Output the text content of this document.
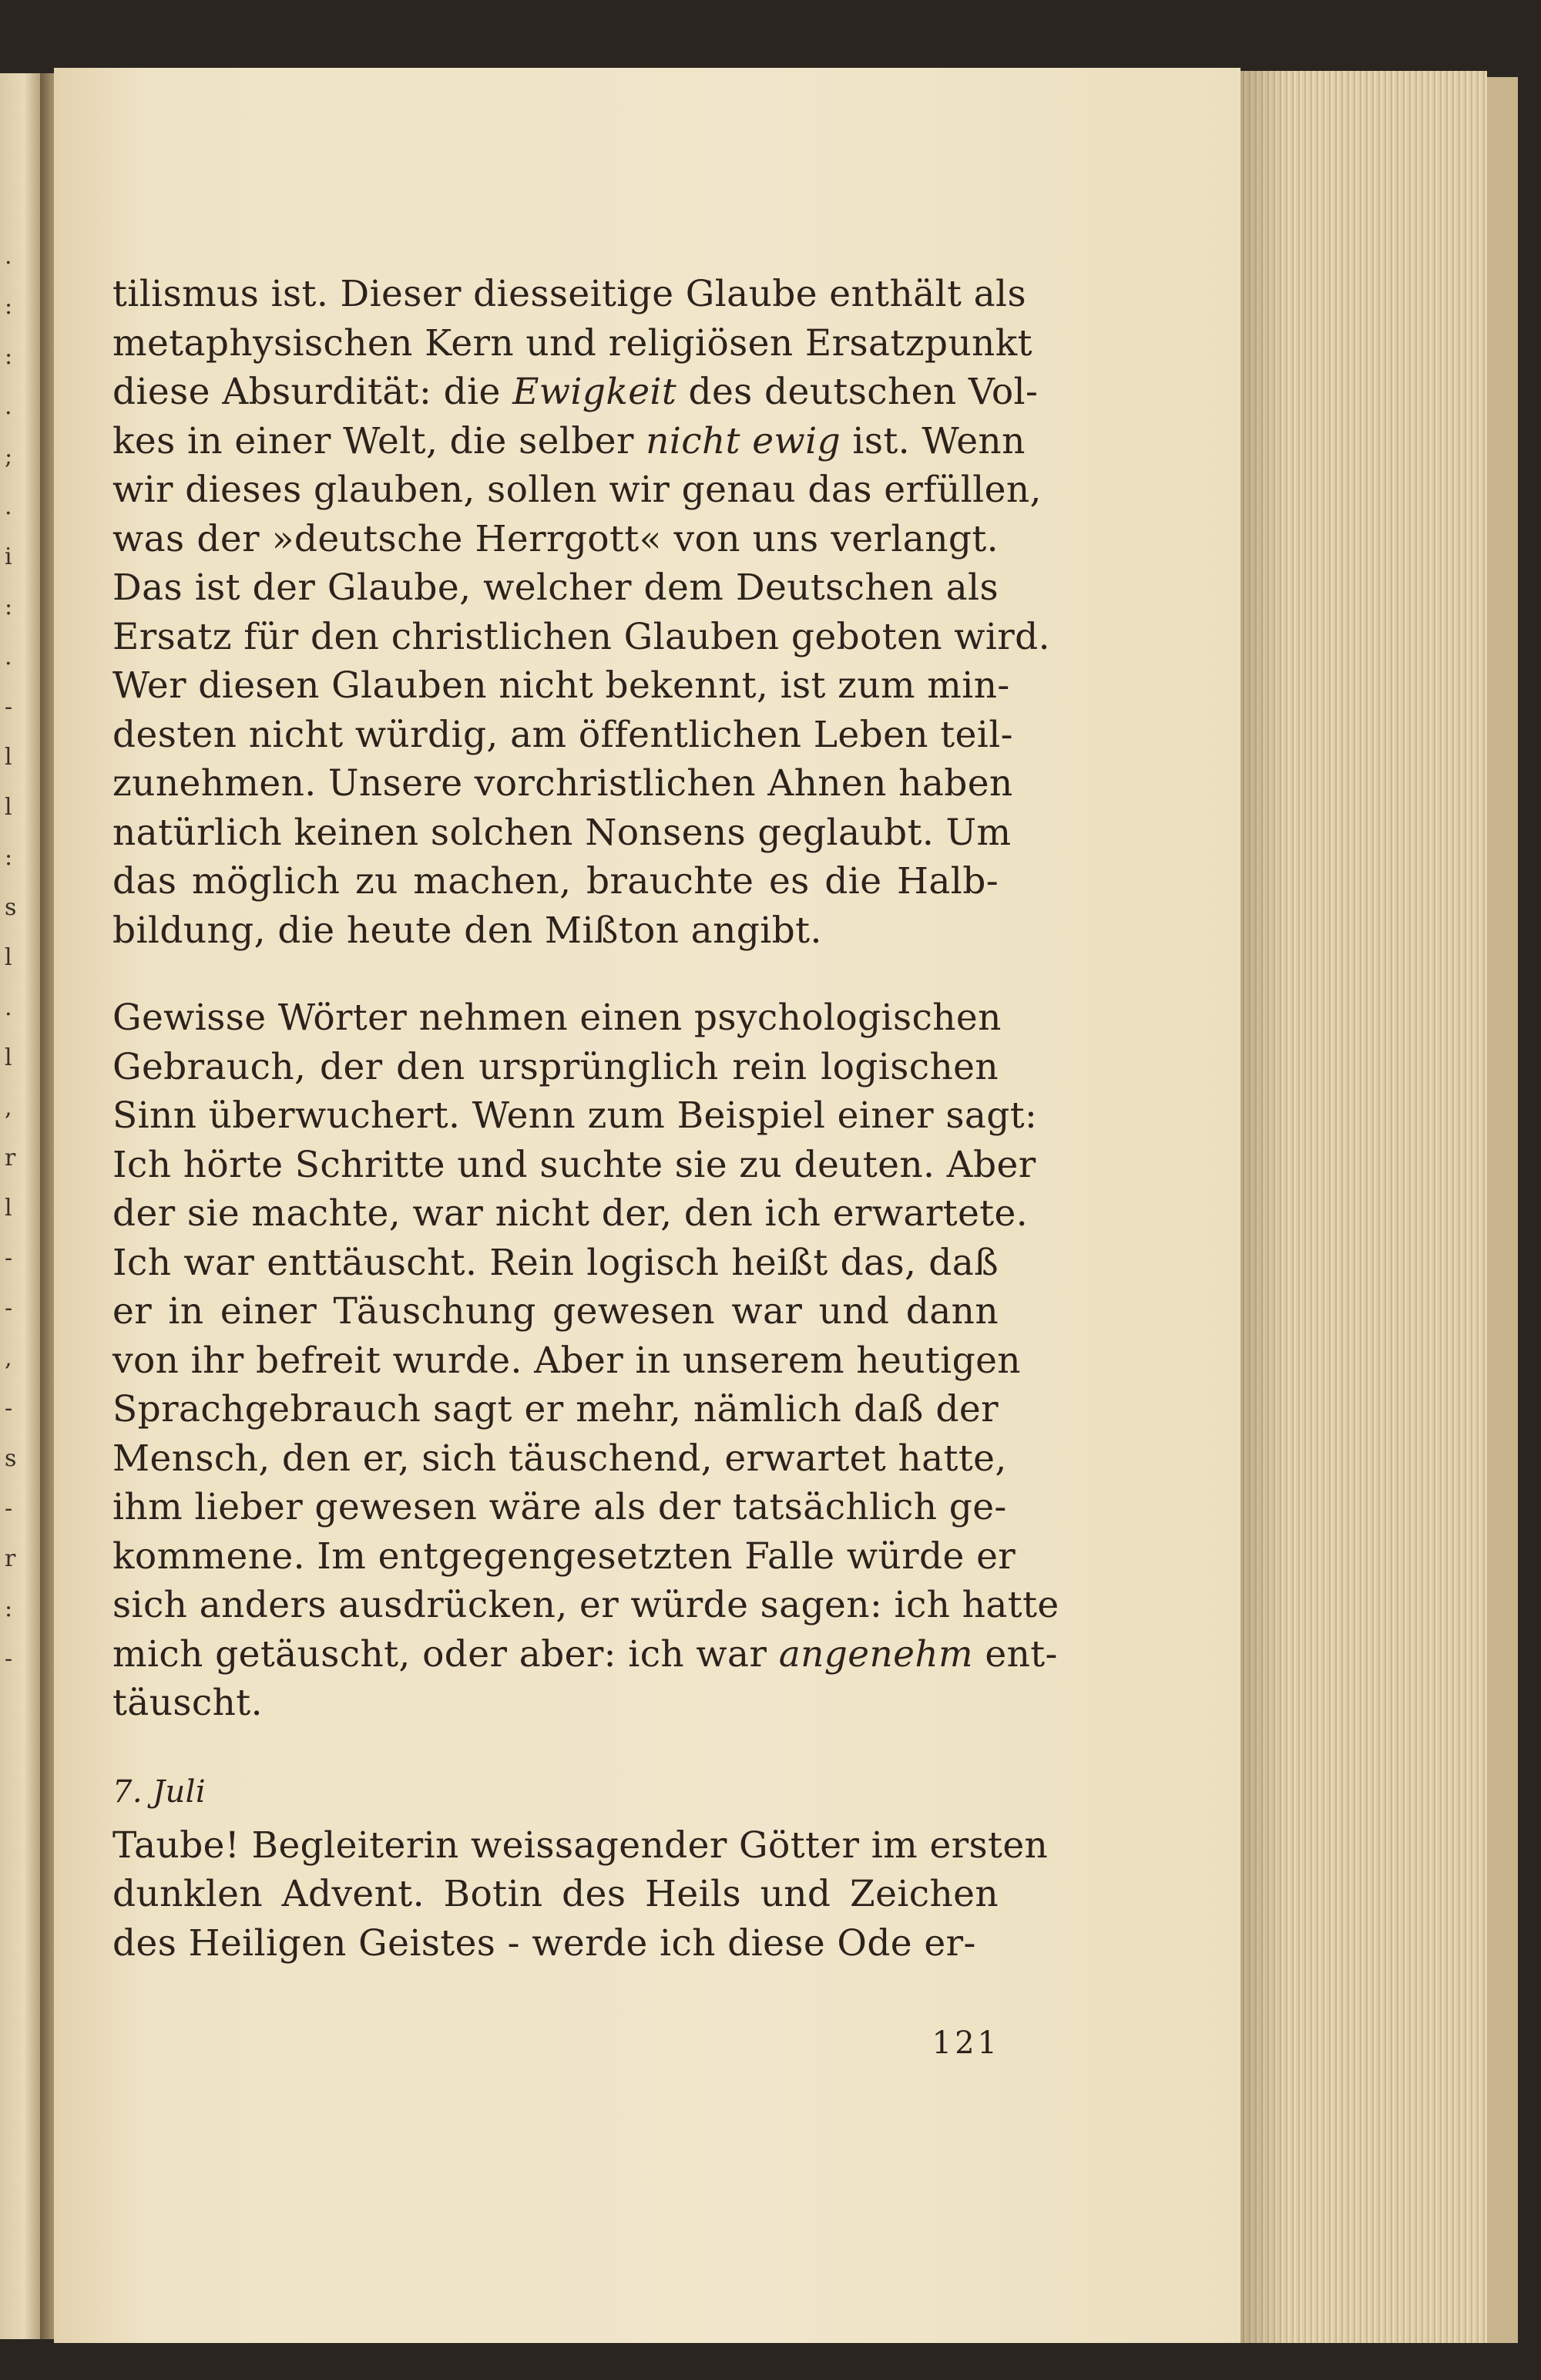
.
:
:
.
;
.
i
:
.
-
l
l
:
s
l
.
l
,
r
l
-
-
,
-
s
-
r
:
-
tilismus ist. Dieser diesseitige Glaube enthält als
metaphysischen Kern und religiösen Ersatzpunkt
diese Absurdität: die Ewigkeit des deutschen Vol-
kes in einer Welt, die selber nicht ewig ist. Wenn
wir dieses glauben, sollen wir genau das erfüllen,
was der »deutsche Herrgott« von uns verlangt.
Das ist der Glaube, welcher dem Deutschen als
Ersatz für den christlichen Glauben geboten wird.
Wer diesen Glauben nicht bekennt, ist zum min-
desten nicht würdig, am öffentlichen Leben teil-
zunehmen. Unsere vorchristlichen Ahnen haben
natürlich keinen solchen Nonsens geglaubt. Um
das möglich zu machen, brauchte es die Halb-
bildung, die heute den Mißton angibt.
Gewisse Wörter nehmen einen psychologischen
Gebrauch, der den ursprünglich rein logischen
Sinn überwuchert. Wenn zum Beispiel einer sagt:
Ich hörte Schritte und suchte sie zu deuten. Aber
der sie machte, war nicht der, den ich erwartete.
Ich war enttäuscht. Rein logisch heißt das, daß
er in einer Täuschung gewesen war und dann
von ihr befreit wurde. Aber in unserem heutigen
Sprachgebrauch sagt er mehr, nämlich daß der
Mensch, den er, sich täuschend, erwartet hatte,
ihm lieber gewesen wäre als der tatsächlich ge-
kommene. Im entgegengesetzten Falle würde er
sich anders ausdrücken, er würde sagen: ich hatte
mich getäuscht, oder aber: ich war angenehm ent-
täuscht.
7. Juli
Taube! Begleiterin weissagender Götter im ersten
dunklen Advent. Botin des Heils und Zeichen
des Heiligen Geistes - werde ich diese Ode er-
121
